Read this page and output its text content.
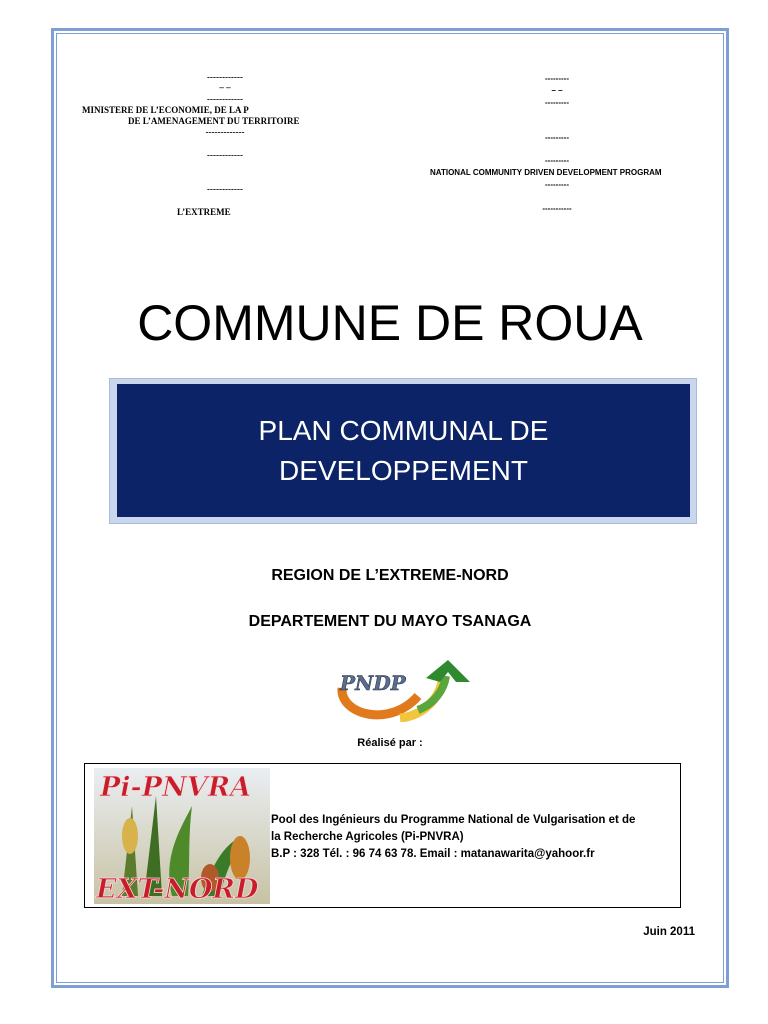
------------
– –
------------
MINISTERE DE L’ECONOMIE, DE LA P
DE L’AMENAGEMENT DU TERRITOIRE
-------------
------------
------------
L’EXTREME
---------
– –
---------
---------
---------
NATIONAL COMMUNITY DRIVEN DEVELOPMENT PROGRAM
---------
-----------
COMMUNE DE ROUA
PLAN COMMUNAL DE
DEVELOPPEMENT
REGION DE L’EXTREME-NORD
DEPARTEMENT DU MAYO TSANAGA
PNDP
Réalisé par :
Pi-PNVRA
EXT-NORD
Pool des Ingénieurs du Programme National de Vulgarisation et de
la Recherche Agricoles (Pi-PNVRA)
B.P : 328 Tél. : 96 74 63 78. Email : matanawarita@yahoor.fr
Juin 2011
